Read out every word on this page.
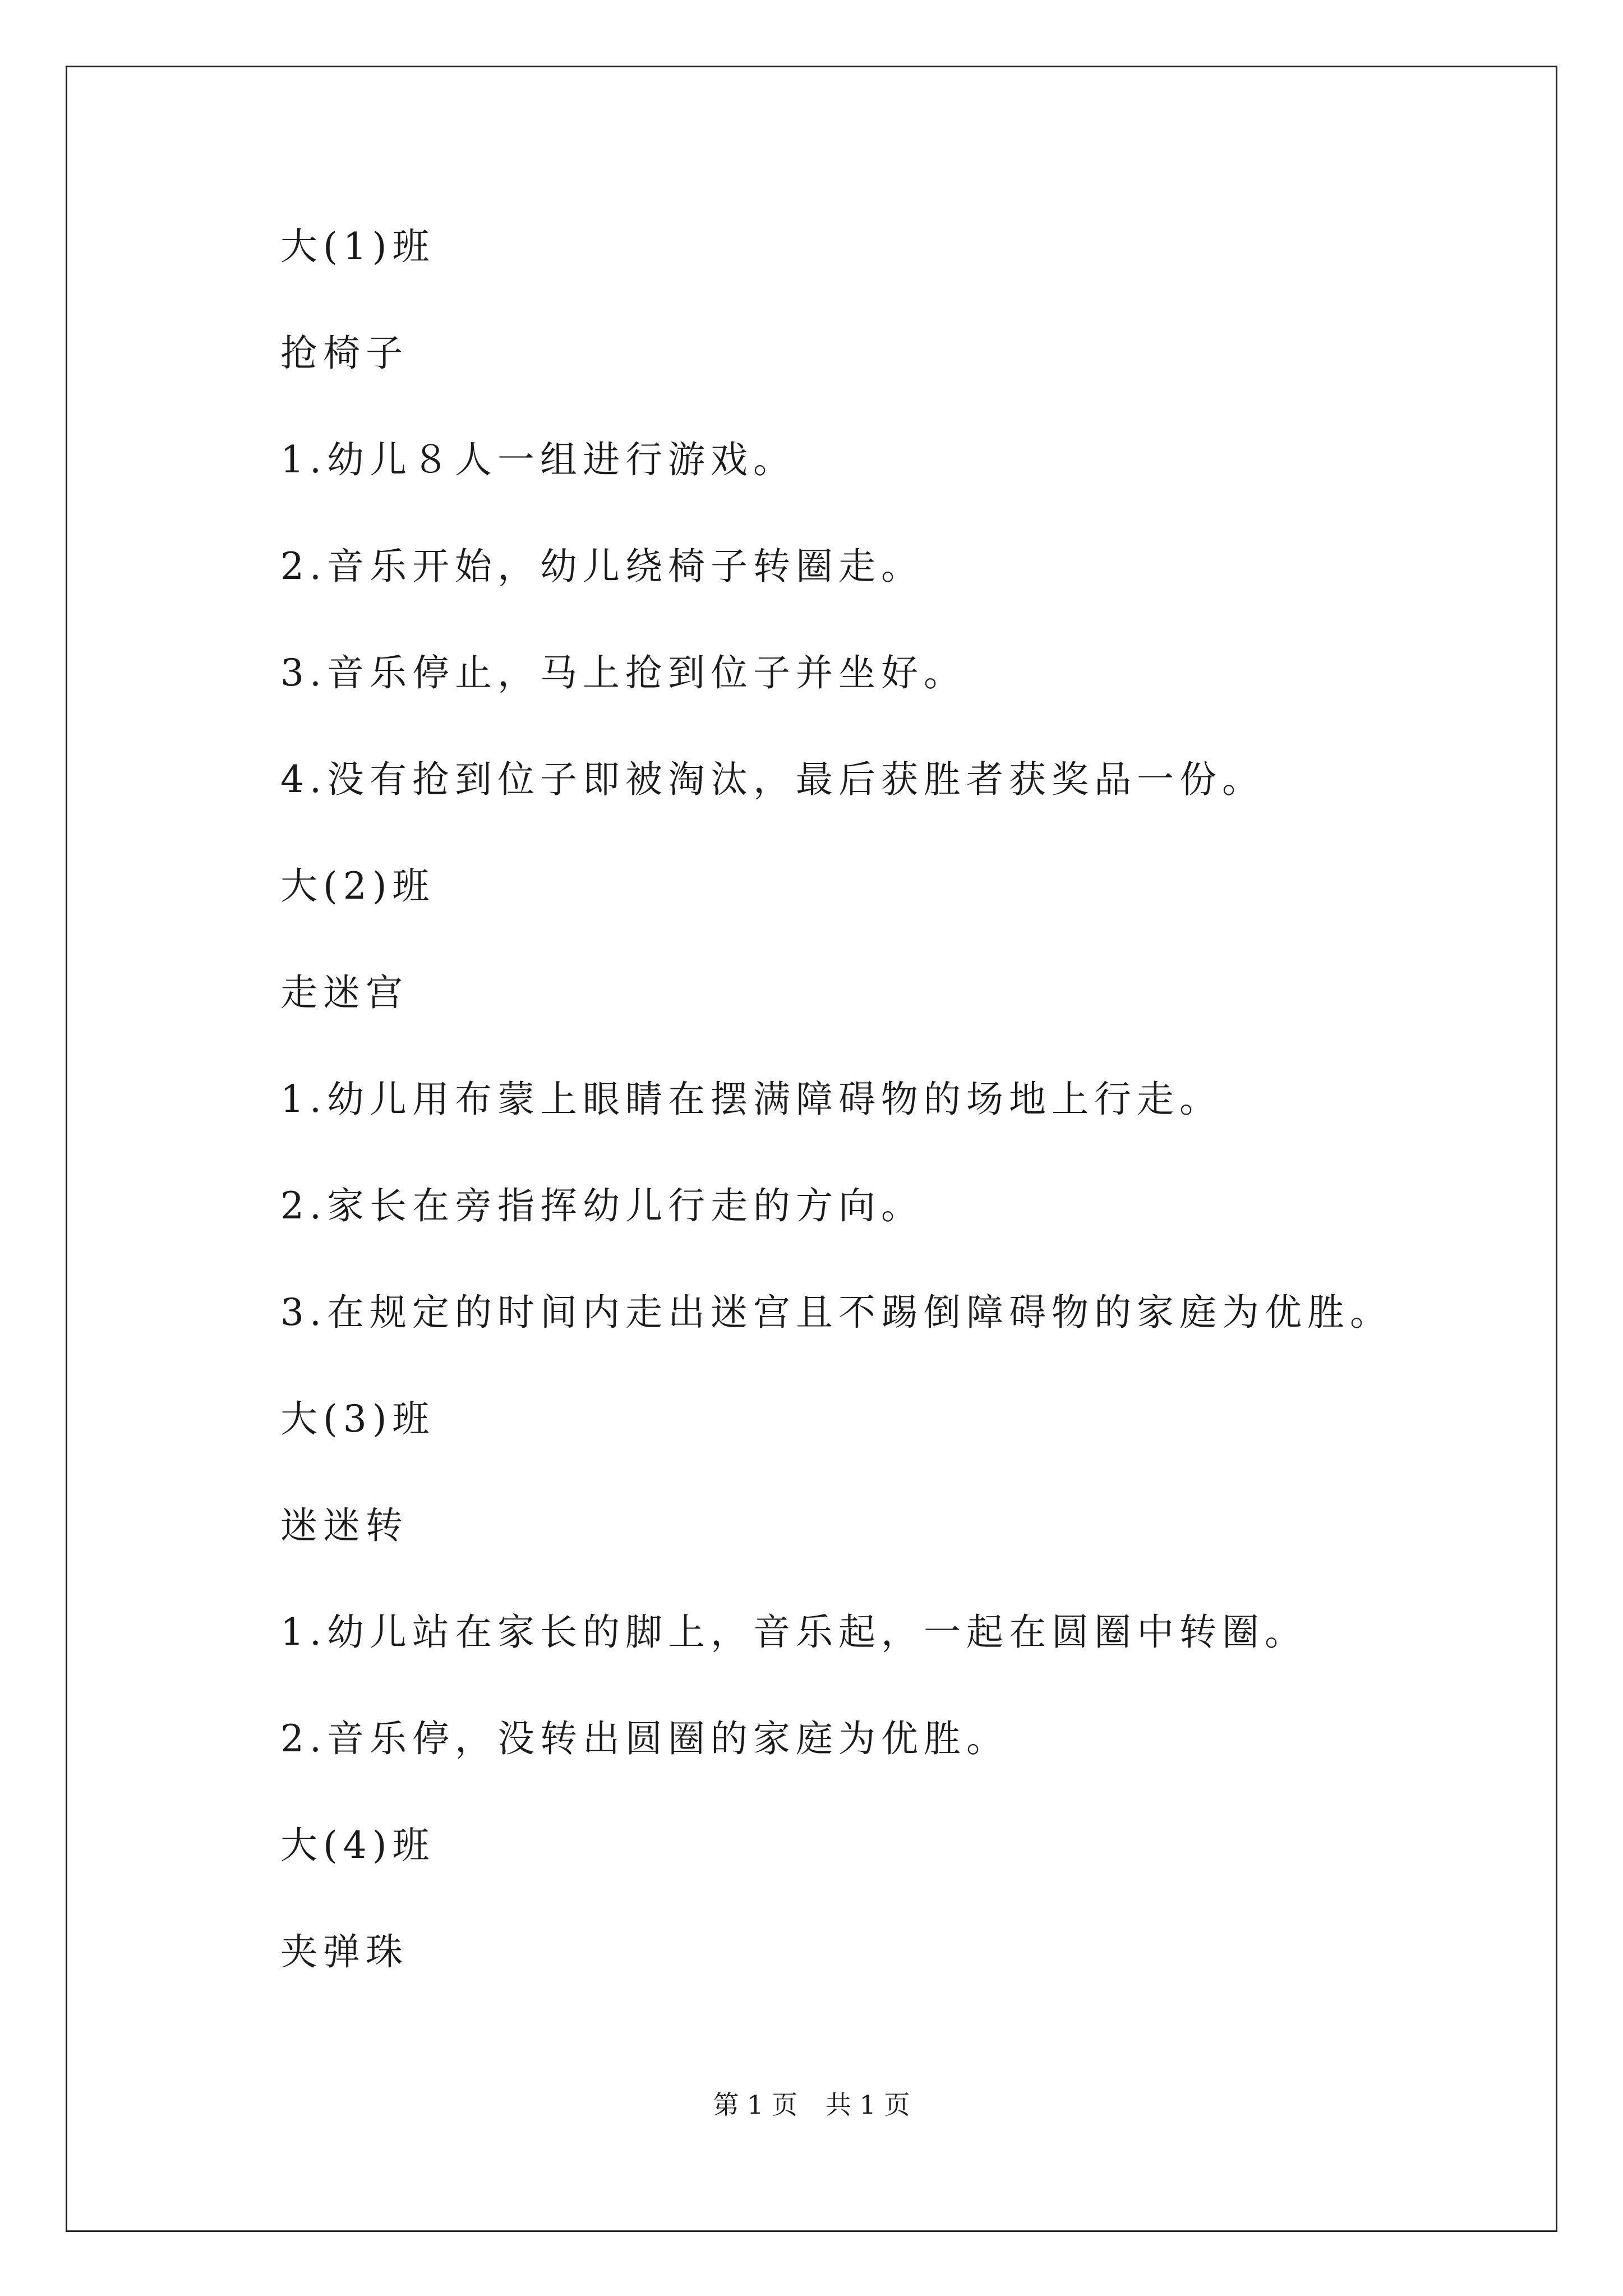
大(1)班
抢椅子
1.幼儿８人一组进行游戏。
2.音乐开始，幼儿绕椅子转圈走。
3.音乐停止，马上抢到位子并坐好。
4.没有抢到位子即被淘汰，最后获胜者获奖品一份。
大(2)班
走迷宫
1.幼儿用布蒙上眼睛在摆满障碍物的场地上行走。
2.家长在旁指挥幼儿行走的方向。
3.在规定的时间内走出迷宫且不踢倒障碍物的家庭为优胜。
大(3)班
迷迷转
1.幼儿站在家长的脚上，音乐起，一起在圆圈中转圈。
2.音乐停，没转出圆圈的家庭为优胜。
大(4)班
夹弹珠
第 1 页 共 1 页
